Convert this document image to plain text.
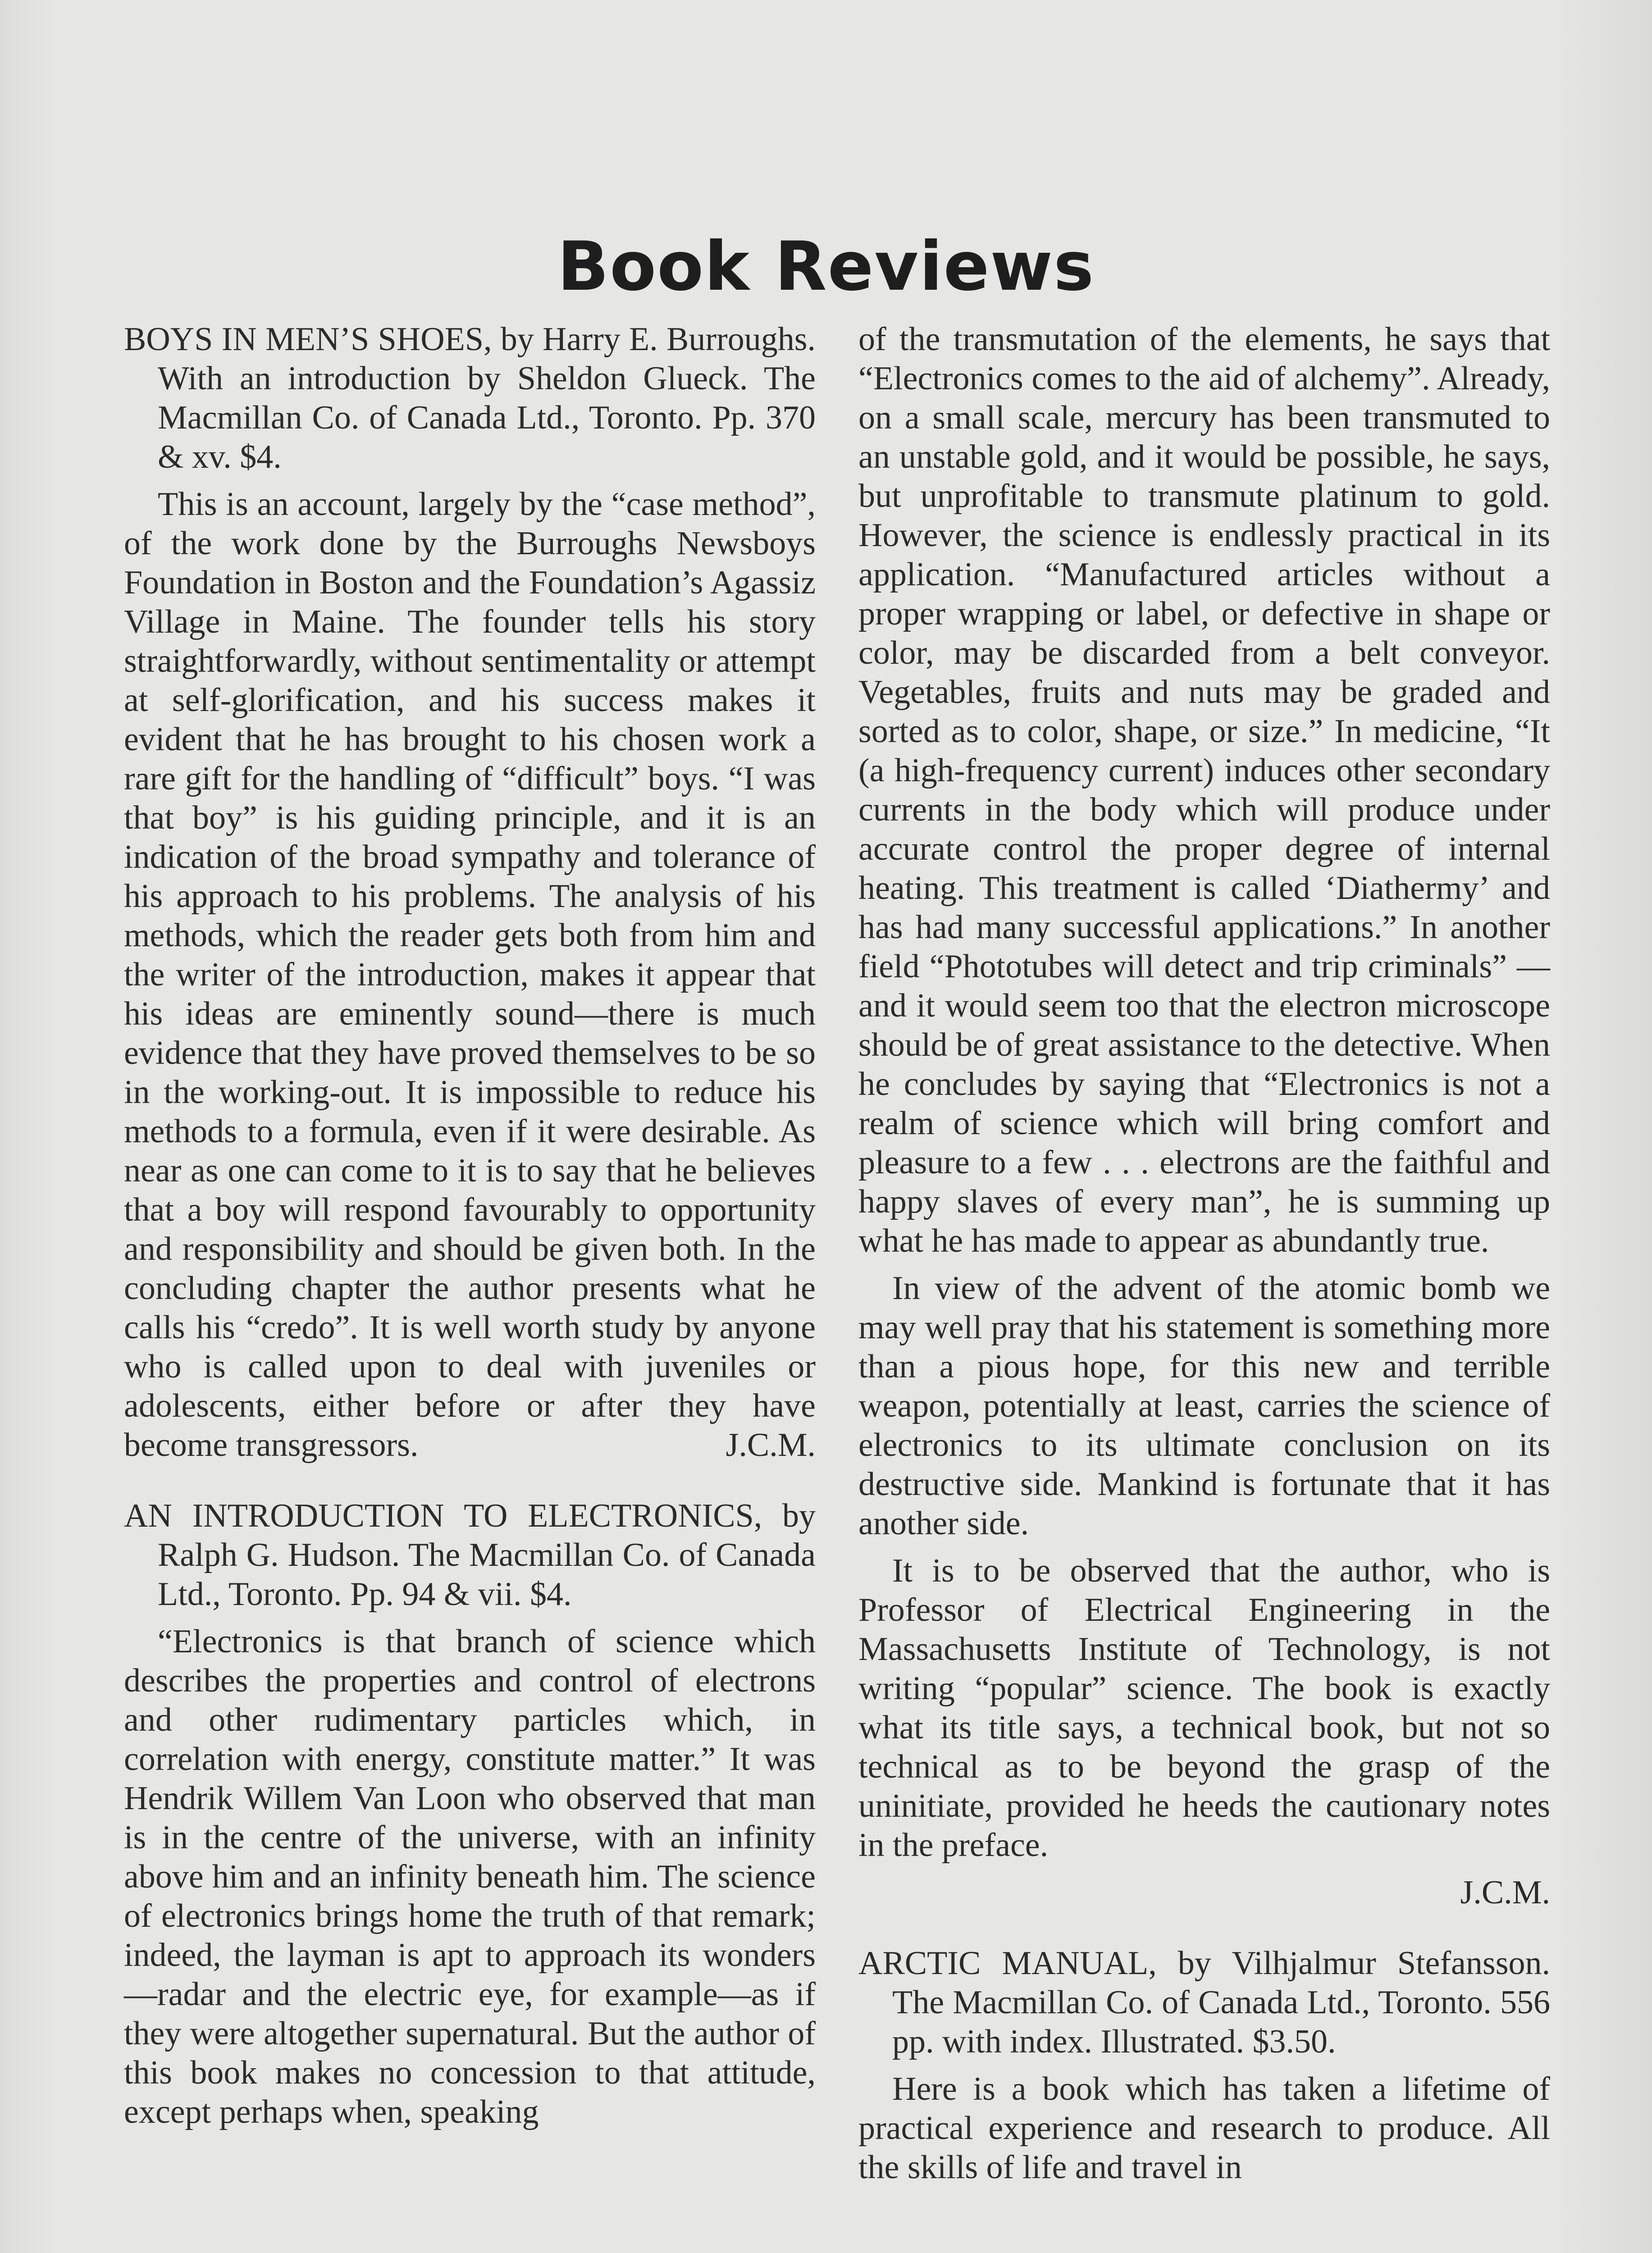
Book Reviews

BOYS IN MEN’S SHOES, by Harry E. Burroughs. With an introduction by Sheldon Glueck. The Macmillan Co. of Canada Ltd., Toronto. Pp. 370 & xv. $4.

This is an account, largely by the “case method”, of the work done by the Burroughs Newsboys Foundation in Boston and the Foundation’s Agassiz Village in Maine. The founder tells his story straightforwardly, without sentimentality or attempt at self-glorification, and his success makes it evident that he has brought to his chosen work a rare gift for the handling of “difficult” boys. “I was that boy” is his guiding principle, and it is an indication of the broad sympathy and tolerance of his approach to his problems. The analysis of his methods, which the reader gets both from him and the writer of the introduction, makes it appear that his ideas are eminently sound—there is much evidence that they have proved themselves to be so in the working-out. It is impossible to reduce his methods to a formula, even if it were desirable. As near as one can come to it is to say that he believes that a boy will respond favourably to opportunity and responsibility and should be given both. In the concluding chapter the author presents what he calls his “credo”. It is well worth study by anyone who is called upon to deal with juveniles or adolescents, either before or after they have become transgressors.	J.C.M.

AN INTRODUCTION TO ELECTRONICS, by Ralph G. Hudson. The Macmillan Co. of Canada Ltd., Toronto. Pp. 94 & vii. $4.

“Electronics is that branch of science which describes the properties and control of electrons and other rudimentary particles which, in correlation with energy, constitute matter.” It was Hendrik Willem Van Loon who observed that man is in the centre of the universe, with an infinity above him and an infinity beneath him. The science of electronics brings home the truth of that remark; indeed, the layman is apt to approach its wonders—radar and the electric eye, for example—as if they were altogether supernatural. But the author of this book makes no concession to that attitude, except perhaps when, speaking

of the transmutation of the elements, he says that “Electronics comes to the aid of alchemy”. Already, on a small scale, mercury has been transmuted to an unstable gold, and it would be possible, he says, but unprofitable to transmute platinum to gold. However, the science is endlessly practical in its application. “Manufactured articles without a proper wrapping or label, or defective in shape or color, may be discarded from a belt conveyor. Vegetables, fruits and nuts may be graded and sorted as to color, shape, or size.” In medicine, “It (a high-frequency current) induces other secondary currents in the body which will produce under accurate control the proper degree of internal heating. This treatment is called ‘Diathermy’ and has had many successful applications.” In another field “Phototubes will detect and trip criminals” —and it would seem too that the electron microscope should be of great assistance to the detective. When he concludes by saying that “Electronics is not a realm of science which will bring comfort and pleasure to a few . . . electrons are the faithful and happy slaves of every man”, he is summing up what he has made to appear as abundantly true.

In view of the advent of the atomic bomb we may well pray that his statement is something more than a pious hope, for this new and terrible weapon, potentially at least, carries the science of electronics to its ultimate conclusion on its destructive side. Mankind is fortunate that it has another side.

It is to be observed that the author, who is Professor of Electrical Engineering in the Massachusetts Institute of Technology, is not writing “popular” science. The book is exactly what its title says, a technical book, but not so technical as to be beyond the grasp of the uninitiate, provided he heeds the cautionary notes in the preface.

J.C.M.

ARCTIC MANUAL, by Vilhjalmur Stefansson. The Macmillan Co. of Canada Ltd., Toronto. 556 pp. with index. Illustrated. $3.50.

Here is a book which has taken a lifetime of practical experience and research to produce. All the skills of life and travel in
